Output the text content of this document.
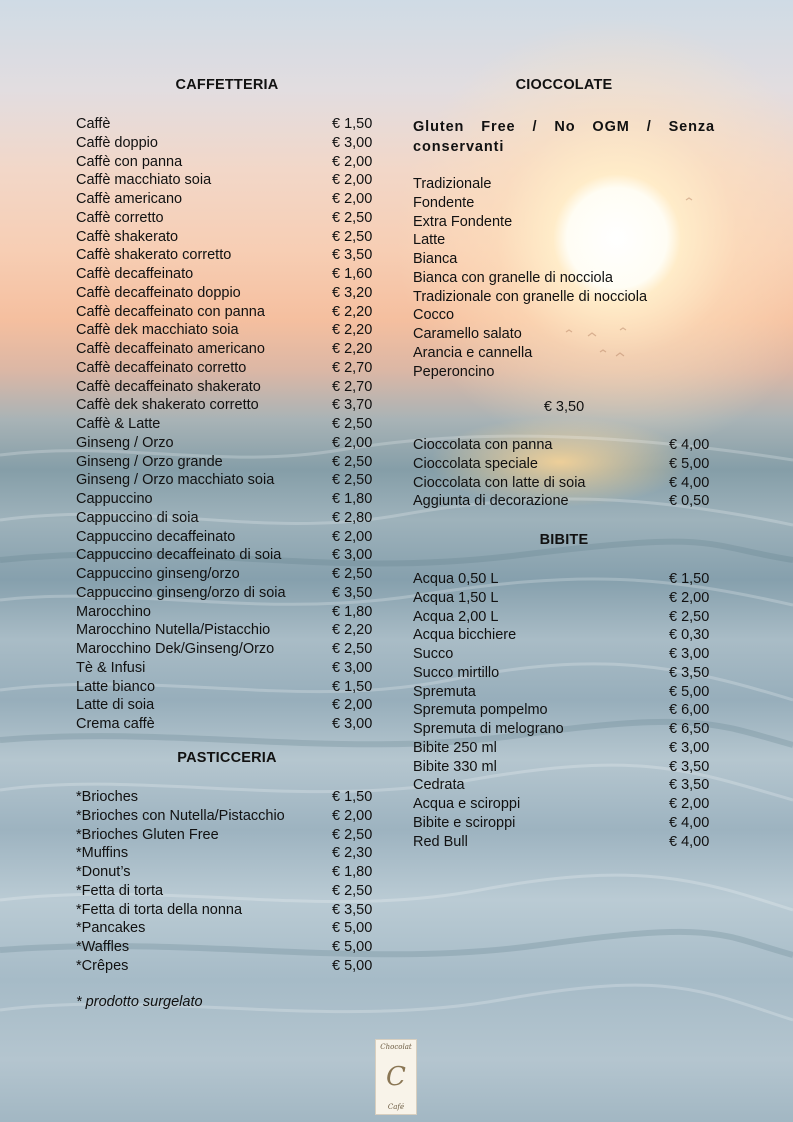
CAFFETTERIA
Caffè	€ 1,50
Caffè doppio	€ 3,00
Caffè con panna	€ 2,00
Caffè macchiato soia	€ 2,00
Caffè americano	€ 2,00
Caffè corretto	€ 2,50
Caffè shakerato	€ 2,50
Caffè shakerato corretto	€ 3,50
Caffè decaffeinato	€ 1,60
Caffè decaffeinato doppio	€ 3,20
Caffè decaffeinato con panna	€ 2,20
Caffè dek macchiato soia	€ 2,20
Caffè decaffeinato americano	€ 2,20
Caffè decaffeinato corretto	€ 2,70
Caffè decaffeinato shakerato	€ 2,70
Caffè dek shakerato corretto	€ 3,70
Caffè & Latte	€ 2,50
Ginseng / Orzo	€ 2,00
Ginseng / Orzo grande	€ 2,50
Ginseng / Orzo macchiato soia	€ 2,50
Cappuccino	€ 1,80
Cappuccino di soia	€ 2,80
Cappuccino decaffeinato	€ 2,00
Cappuccino decaffeinato di soia	€ 3,00
Cappuccino ginseng/orzo	€ 2,50
Cappuccino ginseng/orzo di soia	€ 3,50
Marocchino	€ 1,80
Marocchino Nutella/Pistacchio	€ 2,20
Marocchino Dek/Ginseng/Orzo	€ 2,50
Tè & Infusi	€ 3,00
Latte bianco	€ 1,50
Latte di soia	€ 2,00
Crema caffè	€ 3,00
PASTICCERIA
*Brioches	€ 1,50
*Brioches con Nutella/Pistacchio	€ 2,00
*Brioches Gluten Free	€ 2,50
*Muffins	€ 2,30
*Donut’s	€ 1,80
*Fetta di torta	€ 2,50
*Fetta di torta della nonna	€ 3,50
*Pancakes	€ 5,00
*Waffles	€ 5,00
*Crêpes	€ 5,00
* prodotto surgelato
CIOCCOLATE
Gluten Free / No OGM / Senza conservanti
Tradizionale
Fondente
Extra Fondente
Latte
Bianca
Bianca con granelle di nocciola
Tradizionale con granelle di nocciola
Cocco
Caramello salato
Arancia e cannella
Peperoncino
€ 3,50
Cioccolata con panna	€ 4,00
Cioccolata speciale	€ 5,00
Cioccolata con latte di soia	€ 4,00
Aggiunta di decorazione	€ 0,50
BIBITE
Acqua 0,50 L	€ 1,50
Acqua 1,50 L	€ 2,00
Acqua 2,00 L	€ 2,50
Acqua bicchiere	€ 0,30
Succo	€ 3,00
Succo mirtillo	€ 3,50
Spremuta	€ 5,00
Spremuta pompelmo	€ 6,00
Spremuta di melograno	€ 6,50
Bibite 250 ml	€ 3,00
Bibite 330 ml	€ 3,50
Cedrata	€ 3,50
Acqua e sciroppi	€ 2,00
Bibite e sciroppi	€ 4,00
Red Bull	€ 4,00
Chocolat
C
Café
